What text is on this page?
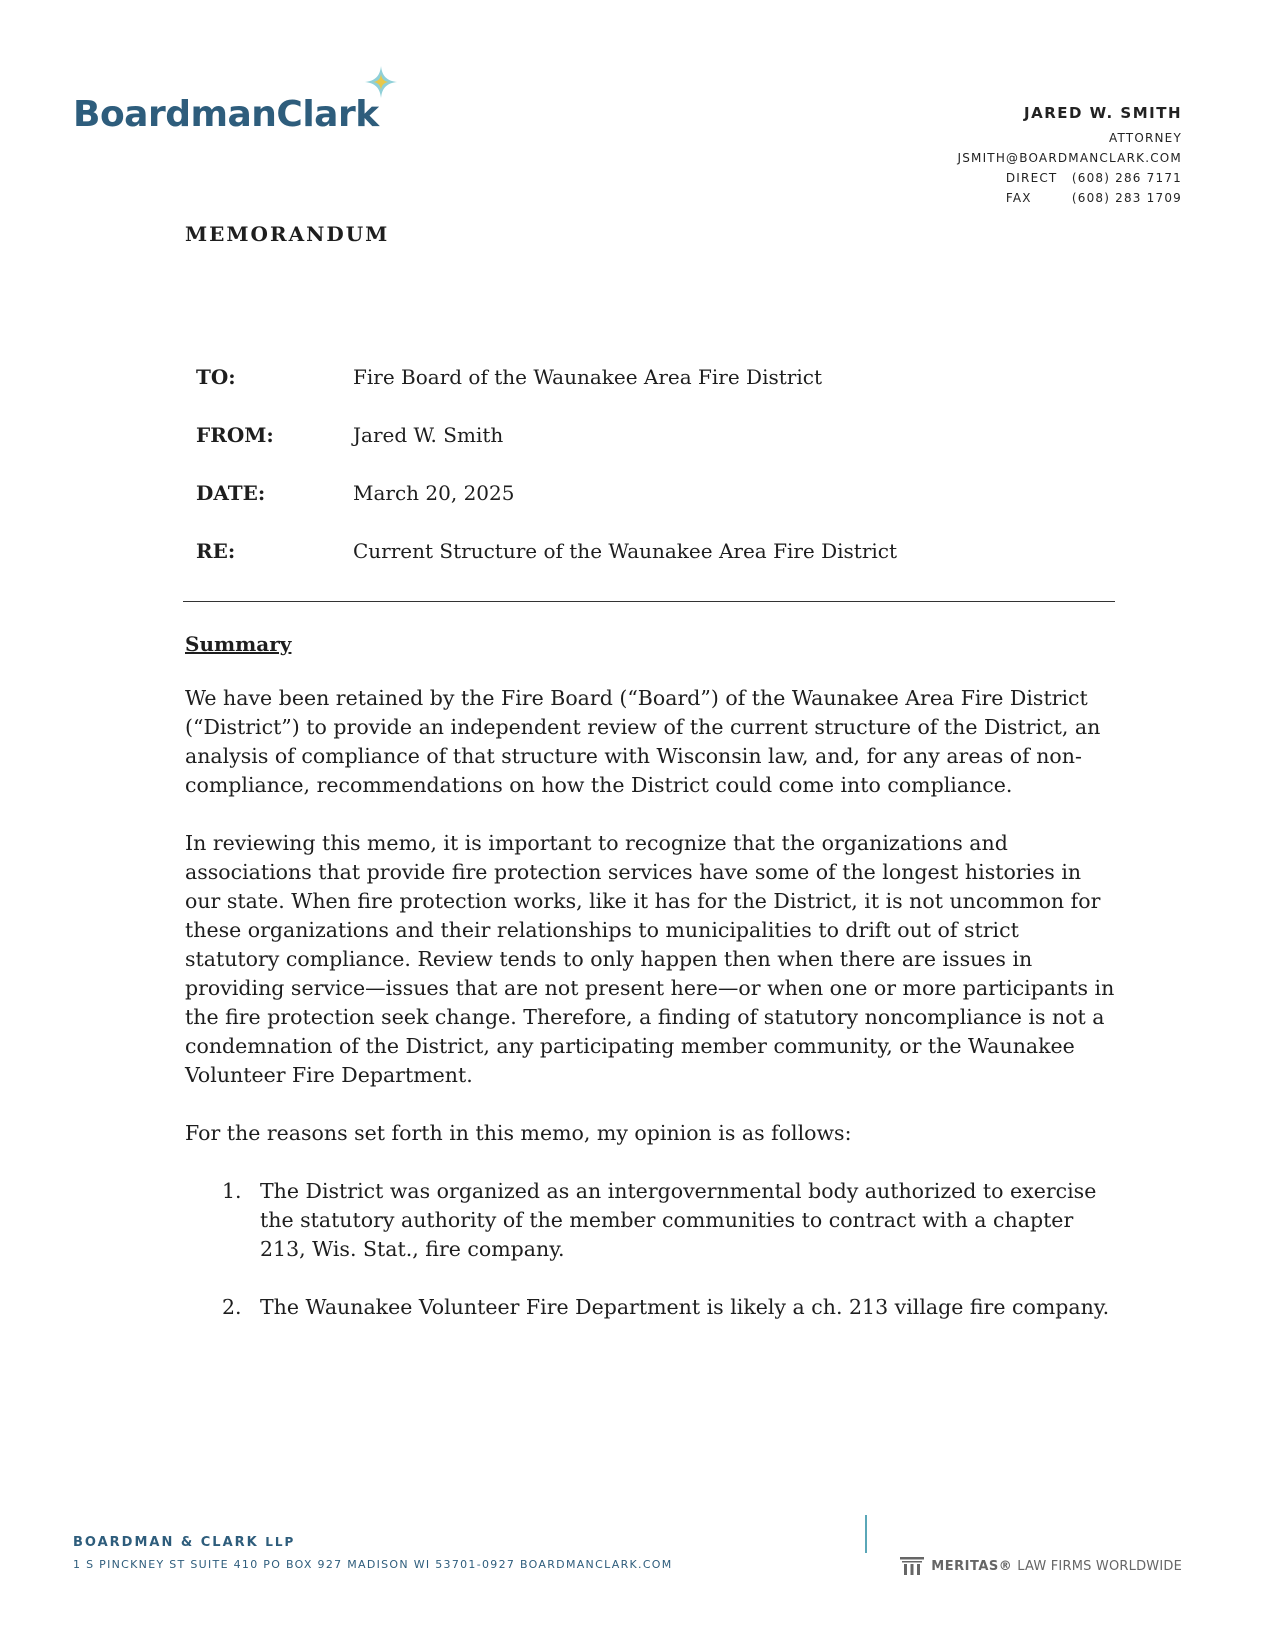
BoardmanClark	JARED W. SMITH
ATTORNEY
JSMITH@BOARDMANCLARK.COM
DIRECT (608) 286 7171
FAX	(608) 283 1709
MEMORANDUM
TO:	Fire Board of the Waunakee Area Fire District
FROM:	Jared W. Smith
DATE:	March 20, 2025
RE:	Current Structure of the Waunakee Area Fire District
Summary

We have been retained by the Fire Board (“Board”) of the Waunakee Area Fire District (“District”) to provide an independent review of the current structure of the District, an analysis of compliance of that structure with Wisconsin law, and, for any areas of non-compliance, recommendations on how the District could come into compliance.

In reviewing this memo, it is important to recognize that the organizations and associations that provide fire protection services have some of the longest histories in our state. When fire protection works, like it has for the District, it is not uncommon for these organizations and their relationships to municipalities to drift out of strict statutory compliance. Review tends to only happen then when there are issues in providing service—issues that are not present here—or when one or more participants in the fire protection seek change. Therefore, a finding of statutory noncompliance is not a condemnation of the District, any participating member community, or the Waunakee Volunteer Fire Department.

For the reasons set forth in this memo, my opinion is as follows:

1. The District was organized as an intergovernmental body authorized to exercise the statutory authority of the member communities to contract with a chapter 213, Wis. Stat., fire company.
2. The Waunakee Volunteer Fire Department is likely a ch. 213 village fire company.
BOARDMAN & CLARK LLP
1 S PINCKNEY ST SUITE 410 PO BOX 927 MADISON WI 53701-0927 BOARDMANCLARK.COM	MERITAS® LAW FIRMS WORLDWIDE
